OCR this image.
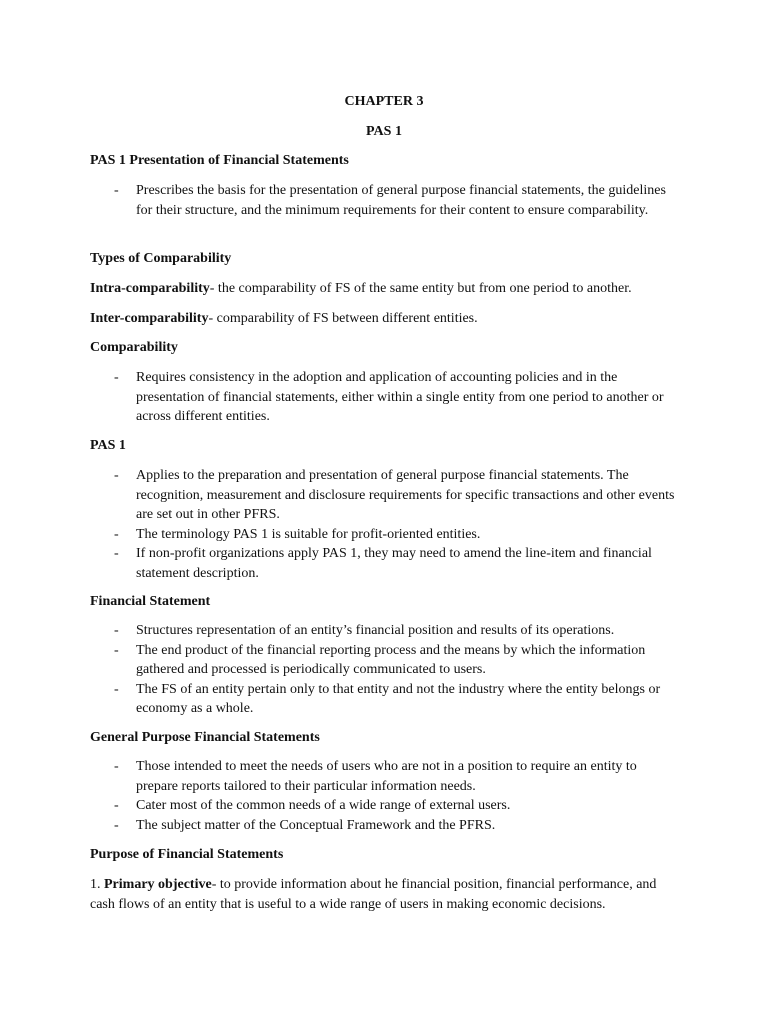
CHAPTER 3
PAS 1
PAS 1 Presentation of Financial Statements
- Prescribes the basis for the presentation of general purpose financial statements, the guidelines for their structure, and the minimum requirements for their content to ensure comparability.
Types of Comparability
Intra-comparability- the comparability of FS of the same entity but from one period to another.
Inter-comparability- comparability of FS between different entities.
Comparability
- Requires consistency in the adoption and application of accounting policies and in the presentation of financial statements, either within a single entity from one period to another or across different entities.
PAS 1
- Applies to the preparation and presentation of general purpose financial statements. The recognition, measurement and disclosure requirements for specific transactions and other events are set out in other PFRS.
- The terminology PAS 1 is suitable for profit-oriented entities.
- If non-profit organizations apply PAS 1, they may need to amend the line-item and financial statement description.
Financial Statement
- Structures representation of an entity’s financial position and results of its operations.
- The end product of the financial reporting process and the means by which the information gathered and processed is periodically communicated to users.
- The FS of an entity pertain only to that entity and not the industry where the entity belongs or economy as a whole.
General Purpose Financial Statements
- Those intended to meet the needs of users who are not in a position to require an entity to prepare reports tailored to their particular information needs.
- Cater most of the common needs of a wide range of external users.
- The subject matter of the Conceptual Framework and the PFRS.
Purpose of Financial Statements
1. Primary objective- to provide information about he financial position, financial performance, and cash flows of an entity that is useful to a wide range of users in making economic decisions.
